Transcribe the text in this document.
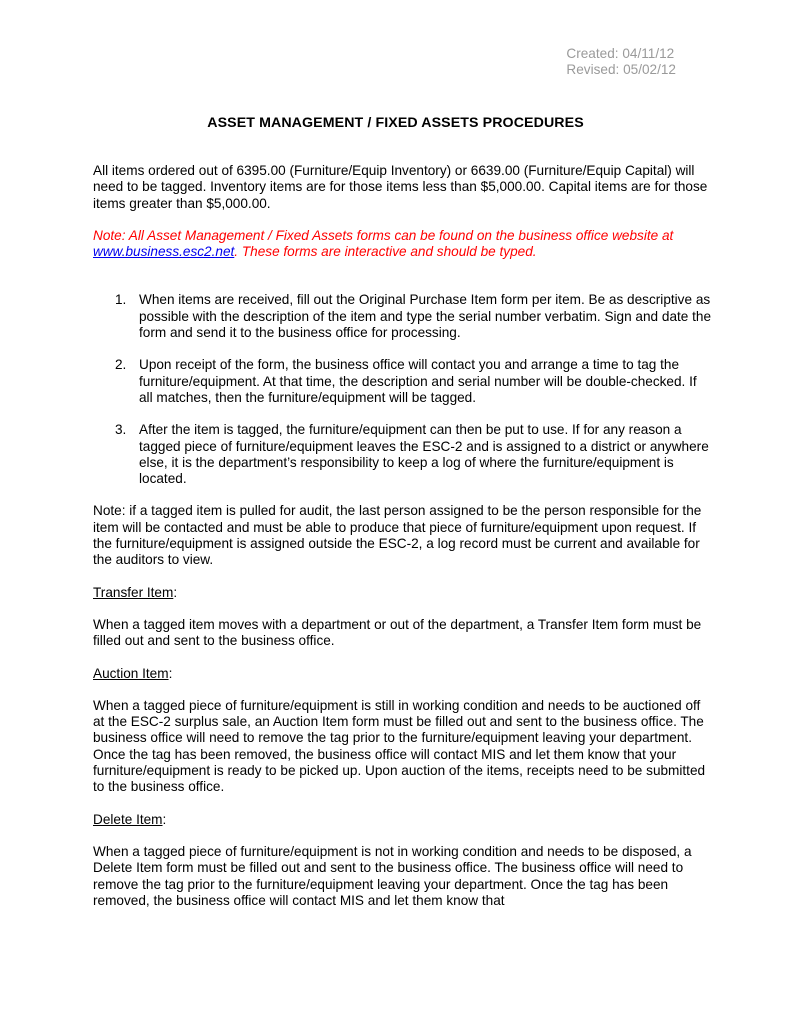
Created: 04/11/12
Revised: 05/02/12
ASSET MANAGEMENT / FIXED ASSETS PROCEDURES

All items ordered out of 6395.00 (Furniture/Equip Inventory) or 6639.00 (Furniture/Equip Capital) will need to be tagged. Inventory items are for those items less than $5,000.00. Capital items are for those items greater than $5,000.00.

Note: All Asset Management / Fixed Assets forms can be found on the business office website at www.business.esc2.net. These forms are interactive and should be typed.

1. When items are received, fill out the Original Purchase Item form per item. Be as descriptive as possible with the description of the item and type the serial number verbatim. Sign and date the form and send it to the business office for processing.
2. Upon receipt of the form, the business office will contact you and arrange a time to tag the furniture/equipment. At that time, the description and serial number will be double-checked. If all matches, then the furniture/equipment will be tagged.
3. After the item is tagged, the furniture/equipment can then be put to use. If for any reason a tagged piece of furniture/equipment leaves the ESC-2 and is assigned to a district or anywhere else, it is the department’s responsibility to keep a log of where the furniture/equipment is located.

Note: if a tagged item is pulled for audit, the last person assigned to be the person responsible for the item will be contacted and must be able to produce that piece of furniture/equipment upon request. If the furniture/equipment is assigned outside the ESC-2, a log record must be current and available for the auditors to view.

Transfer Item:

When a tagged item moves with a department or out of the department, a Transfer Item form must be filled out and sent to the business office.

Auction Item:

When a tagged piece of furniture/equipment is still in working condition and needs to be auctioned off at the ESC-2 surplus sale, an Auction Item form must be filled out and sent to the business office. The business office will need to remove the tag prior to the furniture/equipment leaving your department. Once the tag has been removed, the business office will contact MIS and let them know that your furniture/equipment is ready to be picked up. Upon auction of the items, receipts need to be submitted to the business office.

Delete Item:

When a tagged piece of furniture/equipment is not in working condition and needs to be disposed, a Delete Item form must be filled out and sent to the business office. The business office will need to remove the tag prior to the furniture/equipment leaving your department. Once the tag has been removed, the business office will contact MIS and let them know that
